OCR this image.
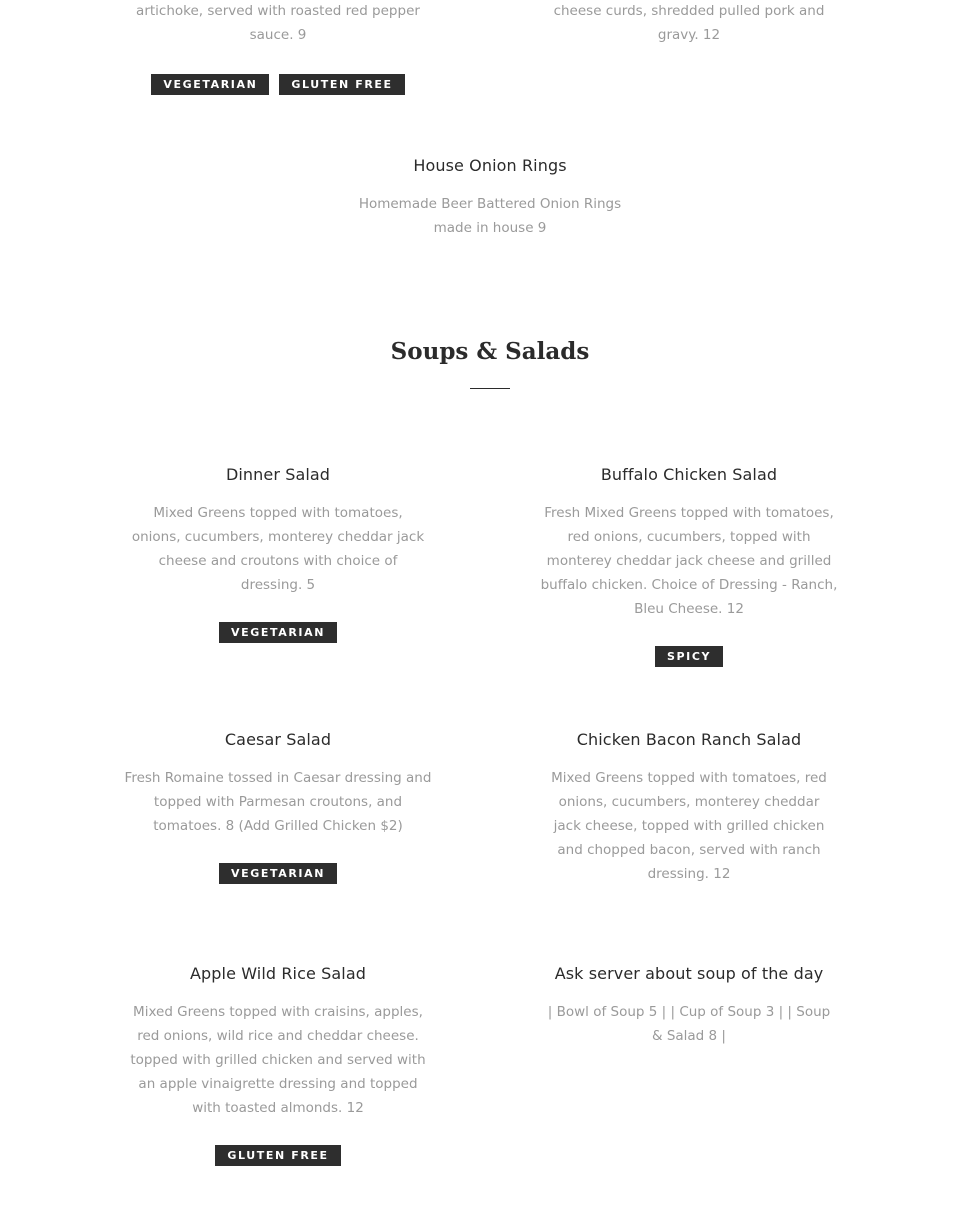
artichoke, served with roasted red pepper sauce. 9
cheese curds, shredded pulled pork and gravy. 12
VEGETARIAN	GLUTEN FREE
House Onion Rings
Homemade Beer Battered Onion Rings made in house 9
Soups & Salads
Dinner Salad
Mixed Greens topped with tomatoes, onions, cucumbers, monterey cheddar jack cheese and croutons with choice of dressing. 5
VEGETARIAN
Buffalo Chicken Salad
Fresh Mixed Greens topped with tomatoes, red onions, cucumbers, topped with monterey cheddar jack cheese and grilled buffalo chicken. Choice of Dressing - Ranch, Bleu Cheese. 12
SPICY
Caesar Salad
Fresh Romaine tossed in Caesar dressing and topped with Parmesan croutons, and tomatoes. 8 (Add Grilled Chicken $2)
VEGETARIAN
Chicken Bacon Ranch Salad
Mixed Greens topped with tomatoes, red onions, cucumbers, monterey cheddar jack cheese, topped with grilled chicken and chopped bacon, served with ranch dressing. 12
Apple Wild Rice Salad
Mixed Greens topped with craisins, apples, red onions, wild rice and cheddar cheese. topped with grilled chicken and served with an apple vinaigrette dressing and topped with toasted almonds. 12
GLUTEN FREE
Ask server about soup of the day
| Bowl of Soup 5 | | Cup of Soup 3 | | Soup & Salad 8 |
